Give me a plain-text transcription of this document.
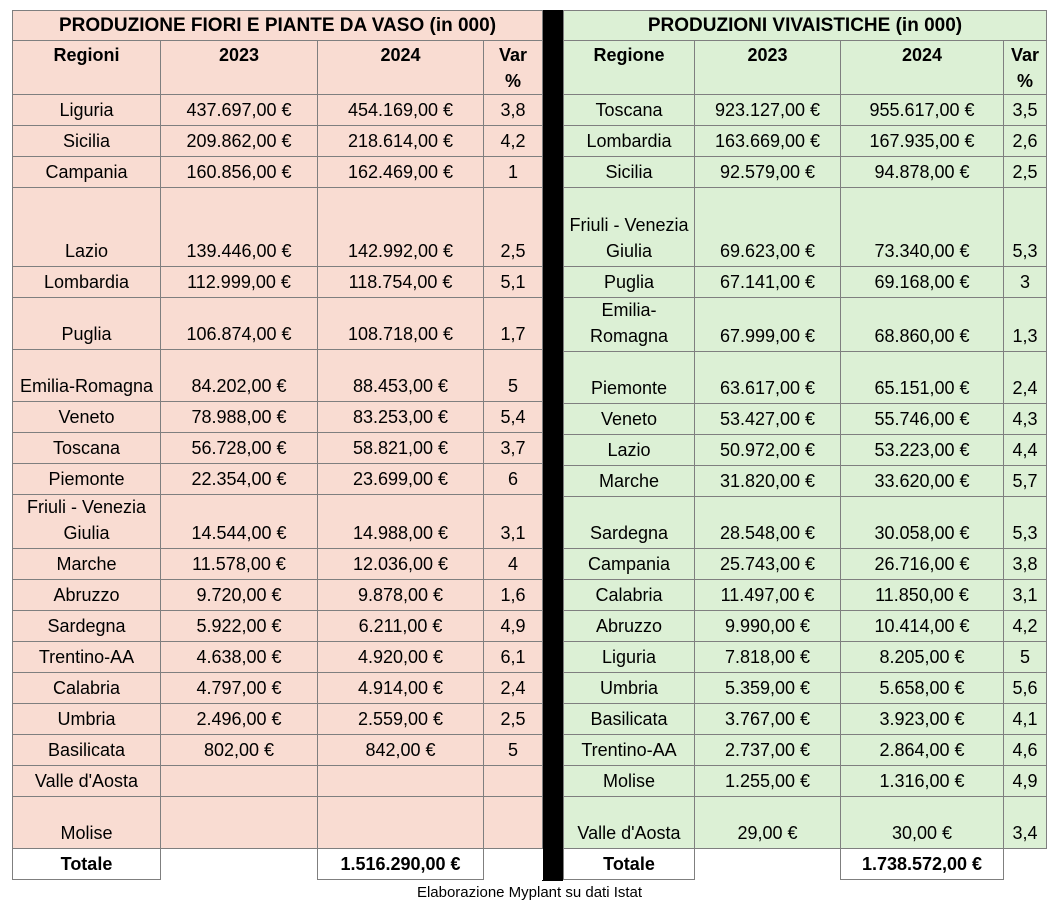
PRODUZIONE FIORI E PIANTE DA VASO (in 000)			
Regioni	2023	2024	Var
%
Liguria	437.697,00 €	454.169,00 €	3,8
Sicilia	209.862,00 €	218.614,00 €	4,2
Campania	160.856,00 €	162.469,00 €	1
Lazio	139.446,00 €	142.992,00 €	2,5
Lombardia	112.999,00 €	118.754,00 €	5,1
Puglia	106.874,00 €	108.718,00 €	1,7
Emilia-Romagna	84.202,00 €	88.453,00 €	5
Veneto	78.988,00 €	83.253,00 €	5,4
Toscana	56.728,00 €	58.821,00 €	3,7
Piemonte	22.354,00 €	23.699,00 €	6
Friuli - Venezia Giulia	14.544,00 €	14.988,00 €	3,1
Marche	11.578,00 €	12.036,00 €	4
Abruzzo	9.720,00 €	9.878,00 €	1,6
Sardegna	5.922,00 €	6.211,00 €	4,9
Trentino-AA	4.638,00 €	4.920,00 €	6,1
Calabria	4.797,00 €	4.914,00 €	2,4
Umbria	2.496,00 €	2.559,00 €	2,5
Basilicata	802,00 €	842,00 €	5
Valle d'Aosta			
Molise			
Totale		1.516.290,00 €	
PRODUZIONI VIVAISTICHE (in 000)			
Regione	2023	2024	Var
%
Toscana	923.127,00 €	955.617,00 €	3,5
Lombardia	163.669,00 €	167.935,00 €	2,6
Sicilia	92.579,00 €	94.878,00 €	2,5
Friuli - Venezia Giulia	69.623,00 €	73.340,00 €	5,3
Puglia	67.141,00 €	69.168,00 €	3
Emilia-Romagna	67.999,00 €	68.860,00 €	1,3
Piemonte	63.617,00 €	65.151,00 €	2,4
Veneto	53.427,00 €	55.746,00 €	4,3
Lazio	50.972,00 €	53.223,00 €	4,4
Marche	31.820,00 €	33.620,00 €	5,7
Sardegna	28.548,00 €	30.058,00 €	5,3
Campania	25.743,00 €	26.716,00 €	3,8
Calabria	11.497,00 €	11.850,00 €	3,1
Abruzzo	9.990,00 €	10.414,00 €	4,2
Liguria	7.818,00 €	8.205,00 €	5
Umbria	5.359,00 €	5.658,00 €	5,6
Basilicata	3.767,00 €	3.923,00 €	4,1
Trentino-AA	2.737,00 €	2.864,00 €	4,6
Molise	1.255,00 €	1.316,00 €	4,9
Valle d'Aosta	29,00 €	30,00 €	3,4
Totale		1.738.572,00 €	
Elaborazione Myplant su dati Istat
